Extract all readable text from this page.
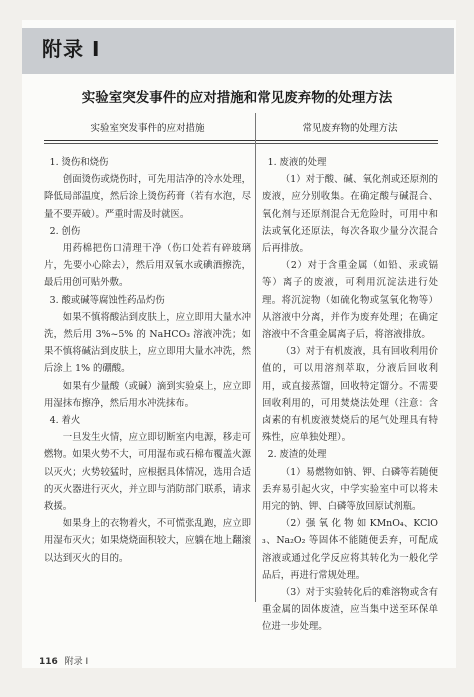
附录 I
实验室突发事件的应对措施和常见废弃物的处理方法
实验室突发事件的应对措施

1. 烫伤和烧伤

创面烫伤或烧伤时，可先用洁净的冷水处理，降低局部温度，然后涂上烫伤药膏（若有水泡，尽量不要弄破）。严重时需及时就医。

2. 创伤

用药棉把伤口清理干净（伤口处若有碎玻璃片，先要小心除去），然后用双氧水或碘酒擦洗，最后用创可贴外敷。

3. 酸或碱等腐蚀性药品灼伤

如果不慎将酸沾到皮肤上，应立即用大量水冲洗，然后用 3%~5% 的 NaHCO₃ 溶液冲洗；如果不慎将碱沾到皮肤上，应立即用大量水冲洗，然后涂上 1% 的硼酸。

如果有少量酸（或碱）滴到实验桌上，应立即用湿抹布擦净，然后用水冲洗抹布。

4. 着火

一旦发生火情，应立即切断室内电源，移走可燃物。如果火势不大，可用湿布或石棉布覆盖火源以灭火；火势较猛时，应根据具体情况，选用合适的灭火器进行灭火，并立即与消防部门联系，请求救援。

如果身上的衣物着火，不可慌张乱跑，应立即用湿布灭火；如果烧烧面积较大，应躺在地上翻滚以达到灭火的目的。

常见废弃物的处理方法

1. 废液的处理

（1）对于酸、碱、氧化剂或还原剂的废液，应分别收集。在确定酸与碱混合、氧化剂与还原剂混合无危险时，可用中和法或氧化还原法，每次各取少量分次混合后再排放。

（2）对于含重金属（如铅、汞或镉等）离子的废液，可利用沉淀法进行处理。将沉淀物（如硫化物或氢氧化物等）从溶液中分离，并作为废弃处理；在确定溶液中不含重金属离子后，将溶液排放。

（3）对于有机废液，具有回收利用价值的，可以用溶剂萃取，分液后回收利用，或直接蒸馏，回收特定馏分。不需要回收利用的，可用焚烧法处理（注意：含卤素的有机废液焚烧后的尾气处理具有特殊性，应单独处理）。

2. 废渣的处理

（1）易燃物如钠、钾、白磷等若随便丢弃易引起火灾，中学实验室中可以将未用完的钠、钾、白磷等放回原试剂瓶。

（2）强 氧 化 物 如 KMnO₄、KClO₃、Na₂O₂ 等固体不能随便丢弃，可配成溶液或通过化学反应将其转化为一般化学品后，再进行常规处理。

（3）对于实验转化后的难溶物或含有重金属的固体废渣，应当集中送至环保单位进一步处理。

116 附录 I
